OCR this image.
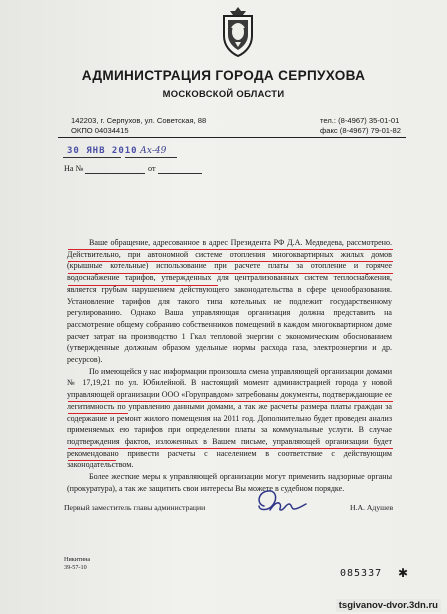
АДМИНИСТРАЦИЯ ГОРОДА СЕРПУХОВА
МОСКОВСКОЙ ОБЛАСТИ
142203, г. Серпухов, ул. Советская, 88
ОКПО 04034415
тел.: (8-4967) 35-01-01
факс (8-4967) 79-01-82
30 ЯНВ 2010 Ах-49
На №	от

Ваше обращение, адресованное в адрес Президента РФ Д.А. Медведева, рассмотрено. Действительно, при автономной системе отопления многоквартирных жилых домов (крышные котельные) использование при расчете платы за отопление и горячее водоснабжение тарифов, утвержденных для централизованных систем теплоснабжения, является грубым нарушением действующего законодательства в сфере ценообразования. Установление тарифов для такого типа котельных не подлежит государственному регулированию. Однако Ваша управляющая организация должна представить на рассмотрение общему собранию собственников помещений в каждом многоквартирном доме расчет затрат на производство 1 Гкал тепловой энергии с экономическим обоснованием (утвержденные должным образом удельные нормы расхода газа, электроэнергии и др. ресурсов).

По имеющейся у нас информации произошла смена управляющей организации домами № 17,19,21 по ул. Юбилейной. В настоящий момент администрацией города у новой управляющей организации ООО «Горуправдом» затребованы документы, подтверждающие ее легитимность по управлению данными домами, а так же расчеты размера платы граждан за содержание и ремонт жилого помещения на 2011 год. Дополнительно будет проведен анализ применяемых ею тарифов при определении платы за коммунальные услуги. В случае подтверждения фактов, изложенных в Вашем письме, управляющей организации будет рекомендовано привести расчеты с населением в соответствие с действующим законодательством.

Более жесткие меры к управляющей организации могут применить надзорные органы (прокуратура), а так же защитить свои интересы Вы можете в судебном порядке.

Первый заместитель главы администрации	Н.А. Адушев
Никитина
39-57-10
085337 ✱
tsgivanov-dvor.3dn.ru
